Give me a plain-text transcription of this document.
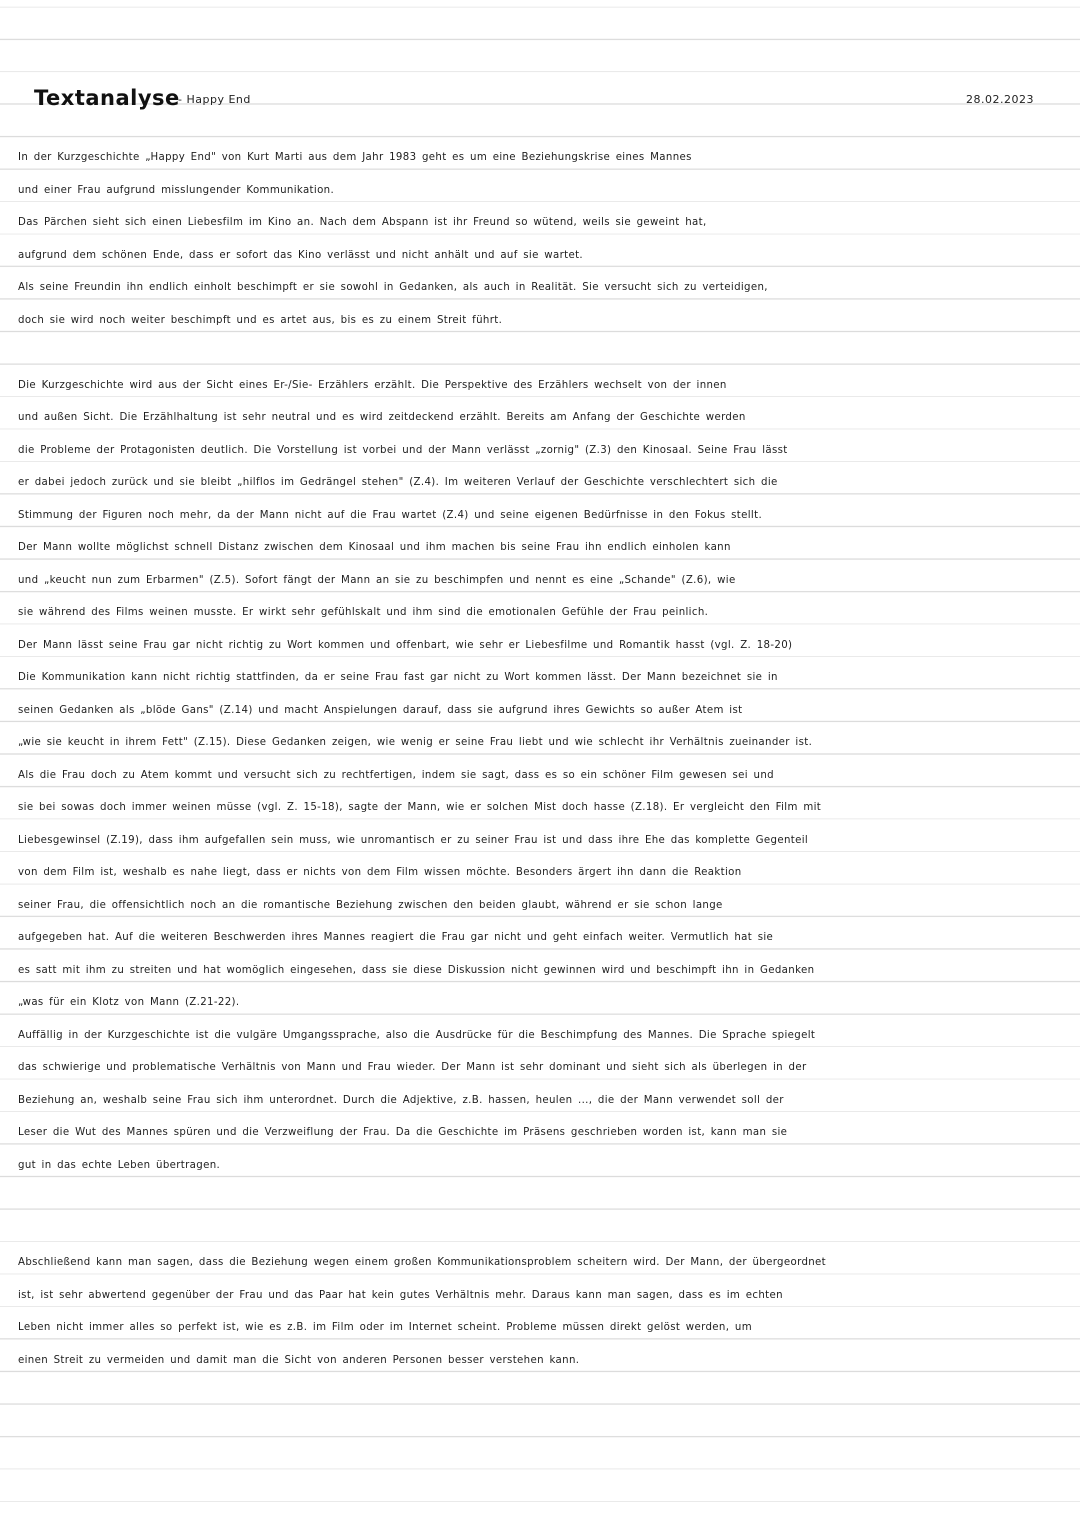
Textanalyse
- Happy End	28.02.2023
In der Kurzgeschichte „Happy End" von Kurt Marti aus dem Jahr 1983 geht es um eine Beziehungskrise eines Mannes
und einer Frau aufgrund misslungender Kommunikation.
Das Pärchen sieht sich einen Liebesfilm im Kino an. Nach dem Abspann ist ihr Freund so wütend, weils sie geweint hat,
aufgrund dem schönen Ende, dass er sofort das Kino verlässt und nicht anhält und auf sie wartet.
Als seine Freundin ihn endlich einholt beschimpft er sie sowohl in Gedanken, als auch in Realität. Sie versucht sich zu verteidigen,
doch sie wird noch weiter beschimpft und es artet aus, bis es zu einem Streit führt.
Die Kurzgeschichte wird aus der Sicht eines Er-/Sie- Erzählers erzählt. Die Perspektive des Erzählers wechselt von der innen
und außen Sicht. Die Erzählhaltung ist sehr neutral und es wird zeitdeckend erzählt. Bereits am Anfang der Geschichte werden
die Probleme der Protagonisten deutlich. Die Vorstellung ist vorbei und der Mann verlässt „zornig" (Z.3) den Kinosaal. Seine Frau lässt
er dabei jedoch zurück und sie bleibt „hilflos im Gedrängel stehen" (Z.4). Im weiteren Verlauf der Geschichte verschlechtert sich die
Stimmung der Figuren noch mehr, da der Mann nicht auf die Frau wartet (Z.4) und seine eigenen Bedürfnisse in den Fokus stellt.
Der Mann wollte möglichst schnell Distanz zwischen dem Kinosaal und ihm machen bis seine Frau ihn endlich einholen kann
und „keucht nun zum Erbarmen" (Z.5). Sofort fängt der Mann an sie zu beschimpfen und nennt es eine „Schande" (Z.6), wie
sie während des Films weinen musste. Er wirkt sehr gefühlskalt und ihm sind die emotionalen Gefühle der Frau peinlich.
Der Mann lässt seine Frau gar nicht richtig zu Wort kommen und offenbart, wie sehr er Liebesfilme und Romantik hasst (vgl. Z. 18-20)
Die Kommunikation kann nicht richtig stattfinden, da er seine Frau fast gar nicht zu Wort kommen lässt. Der Mann bezeichnet sie in
seinen Gedanken als „blöde Gans" (Z.14) und macht Anspielungen darauf, dass sie aufgrund ihres Gewichts so außer Atem ist
„wie sie keucht in ihrem Fett" (Z.15). Diese Gedanken zeigen, wie wenig er seine Frau liebt und wie schlecht ihr Verhältnis zueinander ist.
Als die Frau doch zu Atem kommt und versucht sich zu rechtfertigen, indem sie sagt, dass es so ein schöner Film gewesen sei und
sie bei sowas doch immer weinen müsse (vgl. Z. 15-18), sagte der Mann, wie er solchen Mist doch hasse (Z.18). Er vergleicht den Film mit
Liebesgewinsel (Z.19), dass ihm aufgefallen sein muss, wie unromantisch er zu seiner Frau ist und dass ihre Ehe das komplette Gegenteil
von dem Film ist, weshalb es nahe liegt, dass er nichts von dem Film wissen möchte. Besonders ärgert ihn dann die Reaktion
seiner Frau, die offensichtlich noch an die romantische Beziehung zwischen den beiden glaubt, während er sie schon lange
aufgegeben hat. Auf die weiteren Beschwerden ihres Mannes reagiert die Frau gar nicht und geht einfach weiter. Vermutlich hat sie
es satt mit ihm zu streiten und hat womöglich eingesehen, dass sie diese Diskussion nicht gewinnen wird und beschimpft ihn in Gedanken
„was für ein Klotz von Mann (Z.21-22).
Auffällig in der Kurzgeschichte ist die vulgäre Umgangssprache, also die Ausdrücke für die Beschimpfung des Mannes. Die Sprache spiegelt
das schwierige und problematische Verhältnis von Mann und Frau wieder. Der Mann ist sehr dominant und sieht sich als überlegen in der
Beziehung an, weshalb seine Frau sich ihm unterordnet. Durch die Adjektive, z.B. hassen, heulen ..., die der Mann verwendet soll der
Leser die Wut des Mannes spüren und die Verzweiflung der Frau. Da die Geschichte im Präsens geschrieben worden ist, kann man sie
gut in das echte Leben übertragen.
Abschließend kann man sagen, dass die Beziehung wegen einem großen Kommunikationsproblem scheitern wird. Der Mann, der übergeordnet
ist, ist sehr abwertend gegenüber der Frau und das Paar hat kein gutes Verhältnis mehr. Daraus kann man sagen, dass es im echten
Leben nicht immer alles so perfekt ist, wie es z.B. im Film oder im Internet scheint. Probleme müssen direkt gelöst werden, um
einen Streit zu vermeiden und damit man die Sicht von anderen Personen besser verstehen kann.
